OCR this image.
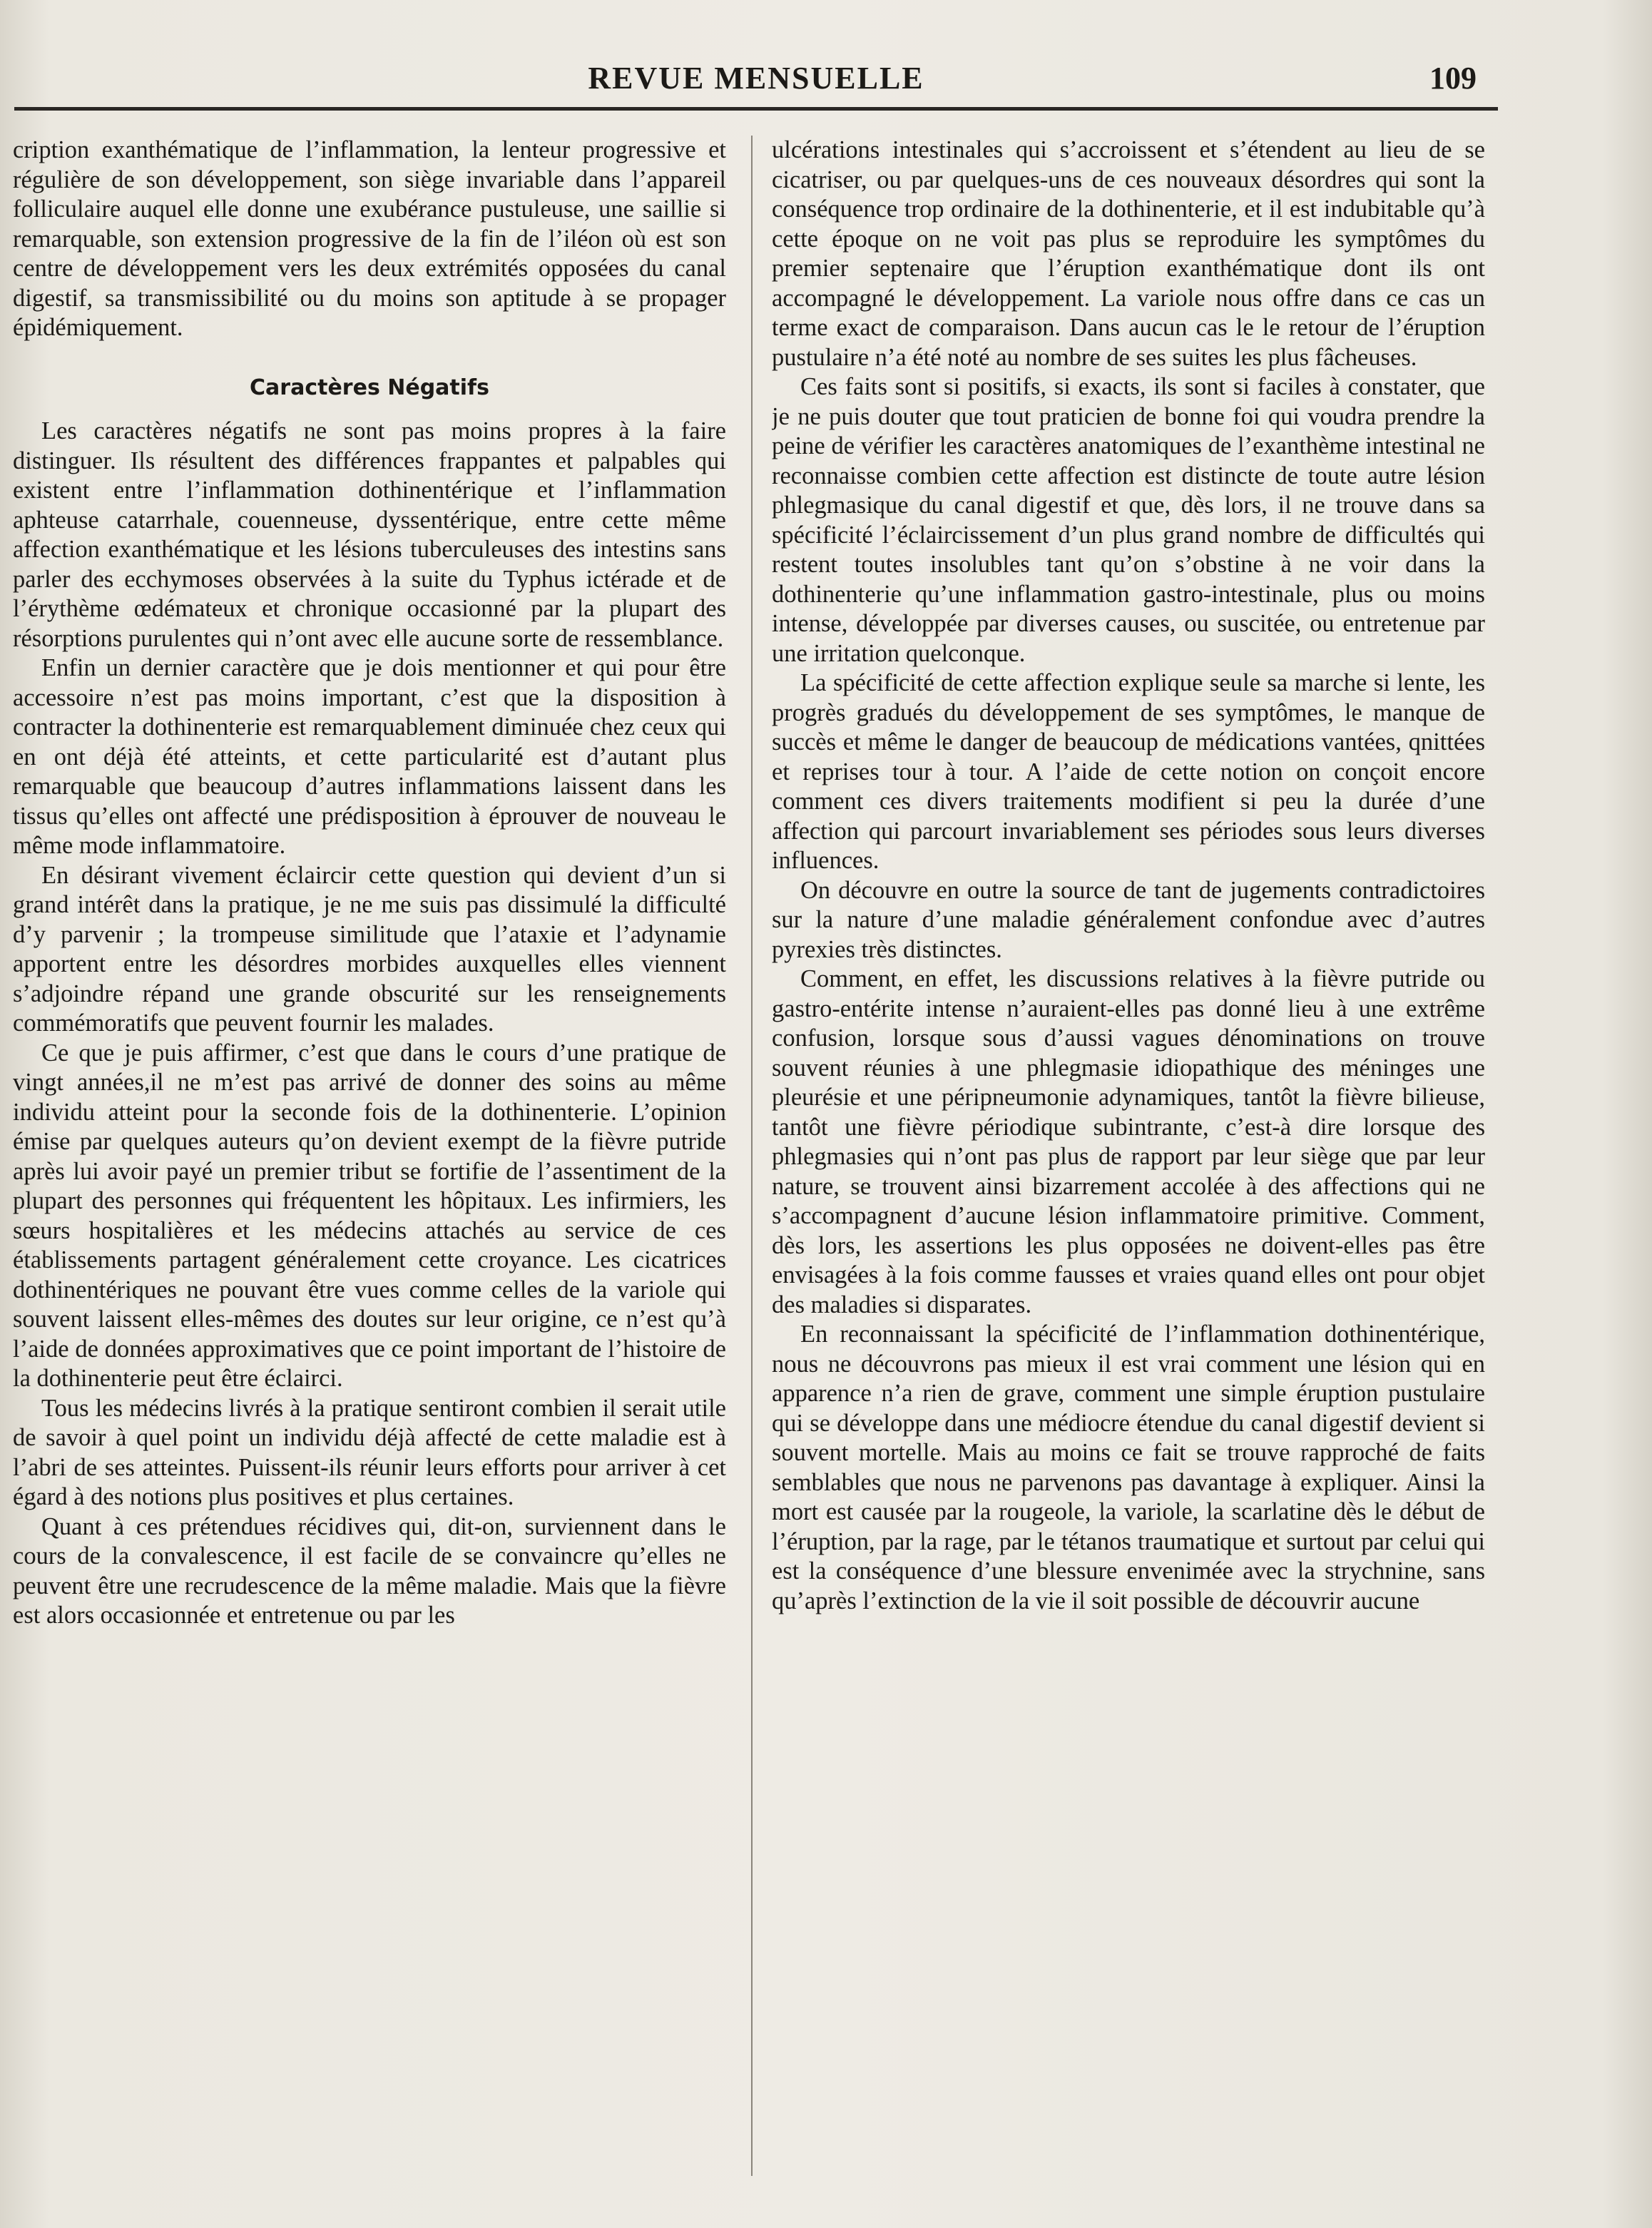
REVUE MENSUELLE	109

cription exanthématique de l’inflammation, la lenteur progressive et régulière de son développement, son siège invariable dans l’appareil folliculaire auquel elle donne une exubérance pustuleuse, une saillie si remarquable, son extension progressive de la fin de l’iléon où est son centre de développement vers les deux extrémités opposées du canal digestif, sa transmissibilité ou du moins son aptitude à se propager épidémiquement.

Caractères Négatifs

Les caractères négatifs ne sont pas moins propres à la faire distinguer. Ils résultent des différences frappantes et palpables qui existent entre l’inflammation dothinentérique et l’inflammation aphteuse catarrhale, couenneuse, dyssentérique, entre cette même affection exanthématique et les lésions tuberculeuses des intestins sans parler des ecchymoses observées à la suite du Typhus ictérade et de l’érythème œdémateux et chronique occasionné par la plupart des résorptions purulentes qui n’ont avec elle aucune sorte de ressemblance.

Enfin un dernier caractère que je dois mentionner et qui pour être accessoire n’est pas moins important, c’est que la disposition à contracter la dothinenterie est remarquablement diminuée chez ceux qui en ont déjà été atteints, et cette particularité est d’autant plus remarquable que beaucoup d’autres inflammations laissent dans les tissus qu’elles ont affecté une prédisposition à éprouver de nouveau le même mode inflammatoire.

En désirant vivement éclaircir cette question qui devient d’un si grand intérêt dans la pratique, je ne me suis pas dissimulé la difficulté d’y parvenir ; la trompeuse similitude que l’ataxie et l’adynamie apportent entre les désordres morbides auxquelles elles viennent s’adjoindre répand une grande obscurité sur les renseignements commémoratifs que peuvent fournir les malades.

Ce que je puis affirmer, c’est que dans le cours d’une pratique de vingt années,il ne m’est pas arrivé de donner des soins au même individu atteint pour la seconde fois de la dothinenterie. L’opinion émise par quelques auteurs qu’on devient exempt de la fièvre putride après lui avoir payé un premier tribut se fortifie de l’assentiment de la plupart des personnes qui fréquentent les hôpitaux. Les infirmiers, les sœurs hospitalières et les médecins attachés au service de ces établissements partagent généralement cette croyance. Les cicatrices dothinentériques ne pouvant être vues comme celles de la variole qui souvent laissent elles-mêmes des doutes sur leur origine, ce n’est qu’à l’aide de données approximatives que ce point important de l’histoire de la dothinenterie peut être éclairci.

Tous les médecins livrés à la pratique sentiront combien il serait utile de savoir à quel point un individu déjà affecté de cette maladie est à l’abri de ses atteintes. Puissent-ils réunir leurs efforts pour arriver à cet égard à des notions plus positives et plus certaines.

Quant à ces prétendues récidives qui, dit-on, surviennent dans le cours de la convalescence, il est facile de se convaincre qu’elles ne peuvent être une recrudescence de la même maladie. Mais que la fièvre est alors occasionnée et entretenue ou par les

ulcérations intestinales qui s’accroissent et s’étendent au lieu de se cicatriser, ou par quelques-uns de ces nouveaux désordres qui sont la conséquence trop ordinaire de la dothinenterie, et il est indubitable qu’à cette époque on ne voit pas plus se reproduire les symptômes du premier septenaire que l’éruption exanthématique dont ils ont accompagné le développement. La variole nous offre dans ce cas un terme exact de comparaison. Dans aucun cas le le retour de l’éruption pustulaire n’a été noté au nombre de ses suites les plus fâcheuses.

Ces faits sont si positifs, si exacts, ils sont si faciles à constater, que je ne puis douter que tout praticien de bonne foi qui voudra prendre la peine de vérifier les caractères anatomiques de l’exanthème intestinal ne reconnaisse combien cette affection est distincte de toute autre lésion phlegmasique du canal digestif et que, dès lors, il ne trouve dans sa spécificité l’éclaircissement d’un plus grand nombre de difficultés qui restent toutes insolubles tant qu’on s’obstine à ne voir dans la dothinenterie qu’une inflammation gastro-intestinale, plus ou moins intense, développée par diverses causes, ou suscitée, ou entretenue par une irritation quelconque.

La spécificité de cette affection explique seule sa marche si lente, les progrès gradués du développement de ses symptômes, le manque de succès et même le danger de beaucoup de médications vantées, qnittées et reprises tour à tour. A l’aide de cette notion on conçoit encore comment ces divers traitements modifient si peu la durée d’une affection qui parcourt invariablement ses périodes sous leurs diverses influences.

On découvre en outre la source de tant de jugements contradictoires sur la nature d’une maladie généralement confondue avec d’autres pyrexies très distinctes.

Comment, en effet, les discussions relatives à la fièvre putride ou gastro-entérite intense n’auraient-elles pas donné lieu à une extrême confusion, lorsque sous d’aussi vagues dénominations on trouve souvent réunies à une phlegmasie idiopathique des méninges une pleurésie et une péripneumonie adynamiques, tantôt la fièvre bilieuse, tantôt une fièvre périodique subintrante, c’est-à dire lorsque des phlegmasies qui n’ont pas plus de rapport par leur siège que par leur nature, se trouvent ainsi bizarrement accolée à des affections qui ne s’accompagnent d’aucune lésion inflammatoire primitive. Comment, dès lors, les assertions les plus opposées ne doivent-elles pas être envisagées à la fois comme fausses et vraies quand elles ont pour objet des maladies si disparates.

En reconnaissant la spécificité de l’inflammation dothinentérique, nous ne découvrons pas mieux il est vrai comment une lésion qui en apparence n’a rien de grave, comment une simple éruption pustulaire qui se développe dans une médiocre étendue du canal digestif devient si souvent mortelle. Mais au moins ce fait se trouve rapproché de faits semblables que nous ne parvenons pas davantage à expliquer. Ainsi la mort est causée par la rougeole, la variole, la scarlatine dès le début de l’éruption, par la rage, par le tétanos traumatique et surtout par celui qui est la conséquence d’une blessure envenimée avec la strychnine, sans qu’après l’extinction de la vie il soit possible de découvrir aucune
